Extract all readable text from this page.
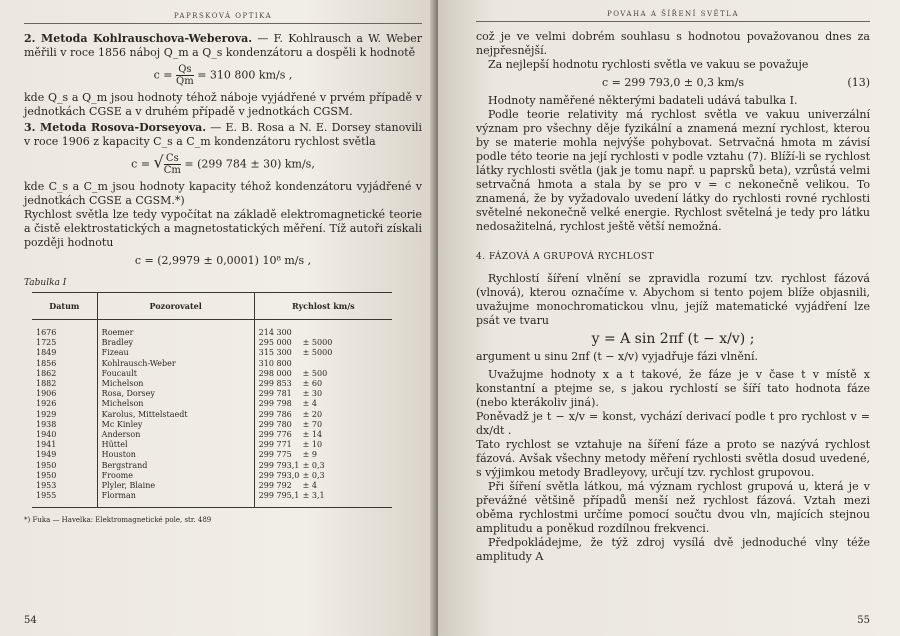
PAPRSKOVÁ OPTIKA

2. Metoda Kohlrauschova-Weberova. — F. Kohlrausch a W. Weber měřili v roce 1856 náboj Q_m a Q_s kondenzátoru a dospěli k hodnotě

$c = \frac{Qs}{Qm} = 310$ 800 km/s ,

kde Q_s a Q_m jsou hodnoty téhož náboje vyjádřené v prvém případě v jednotkách CGSE a v druhém případě v jednotkách CGSM.

3. Metoda Rosova-Dorseyova. — E. B. Rosa a N. E. Dorsey stanovili v roce 1906 z kapacity C_s a C_m kondenzátoru rychlost světla

c = √ $\frac{Cs}{Cm} = (299$ 784 ± 30) km/s,

kde C_s a C_m jsou hodnoty kapacity téhož kondenzátoru vyjádřené v jednotkách CGSE a CGSM.*)

Rychlost světla lze tedy vypočítat na základě elektromagnetické teorie a čistě elektrostatických a magnetostatických měření. Tíž autoři získali později hodnotu

c = (2,9979 ± 0,0001) 10⁸ m/s ,
Tabulka I
Datum	Pozorovatel	Rychlost km/s
1676	Roemer	214 300
1725	Bradley	295 000 ± 5000
1849	Fizeau	315 300 ± 5000
1856	Kohlrausch-Weber	310 800
1862	Foucault	298 000 ± 500
1882	Michelson	299 853 ± 60
1906	Rosa, Dorsey	299 781 ± 30
1926	Michelson	299 798 ± 4
1929	Karolus, Mittelstaedt	299 786 ± 20
1938	Mc Kinley	299 780 ± 70
1940	Anderson	299 776 ± 14
1941	Hüttel	299 771 ± 10
1949	Houston	299 775 ± 9
1950	Bergstrand	299 793,1 ± 0,3
1950	Froome	299 793,0 ± 0,3
1953	Plyler, Blaine	299 792 ± 4
1955	Florman	299 795,1 ± 3,1
*) Fuka — Havelka: Elektromagnetické pole, str. 489
54
POVAHA A ŠÍŘENÍ SVĚTLA

což je ve velmi dobrém souhlasu s hodnotou považovanou dnes za nejpřesnější.

Za nejlepší hodnotu rychlosti světla ve vakuu se považuje

c = 299 793,0 ± 0,3 km/s	(13)

Hodnoty naměřené některými badateli udává tabulka I.

Podle teorie relativity má rychlost světla ve vakuu univerzální význam pro všechny děje fyzikální a znamená mezní rychlost, kterou by se materie mohla nejvýše pohybovat. Setrvačná hmota m závisí podle této teorie na její rychlosti v podle vztahu (7). Blíží-li se rychlost látky rychlosti světla (jak je tomu např. u paprsků beta), vzrůstá velmi setrvačná hmota a stala by se pro v = c nekonečně velikou. To znamená, že by vyžadovalo uvedení látky do rychlosti rovné rychlosti světelné nekonečně velké energie. Rychlost světelná je tedy pro látku nedosažitelná, rychlost ještě větší nemožná.

4. FÁZOVÁ A GRUPOVÁ RYCHLOST

Rychlostí šíření vlnění se zpravidla rozumí tzv. rychlost fázová (vlnová), kterou označíme v. Abychom si tento pojem blíže objasnili, uvažujme monochromatickou vlnu, jejíž matematické vyjádření lze psát ve tvaru

y = A sin 2πf (t − x/v) ;

argument u sinu 2πf (t − x/v) vyjadřuje fázi vlnění.

Uvažujme hodnoty x a t takové, že fáze je v čase t v místě x konstantní a ptejme se, s jakou rychlostí se šíří tato hodnota fáze (nebo kterákoliv jiná).

Poněvadž je t − x/v = konst, vychází derivací podle t pro rychlost v = dx/dt .

Tato rychlost se vztahuje na šíření fáze a proto se nazývá rychlost fázová. Avšak všechny metody měření rychlosti světla dosud uvedené, s výjimkou metody Bradleyovy, určují tzv. rychlost grupovou.

Při šíření světla látkou, má význam rychlost grupová u, která je v převážné většině případů menší než rychlost fázová. Vztah mezi oběma rychlostmi určíme pomocí součtu dvou vln, majících stejnou amplitudu a poněkud rozdílnou frekvenci.

Předpokládejme, že týž zdroj vysílá dvě jednoduché vlny téže amplitudy A

55
